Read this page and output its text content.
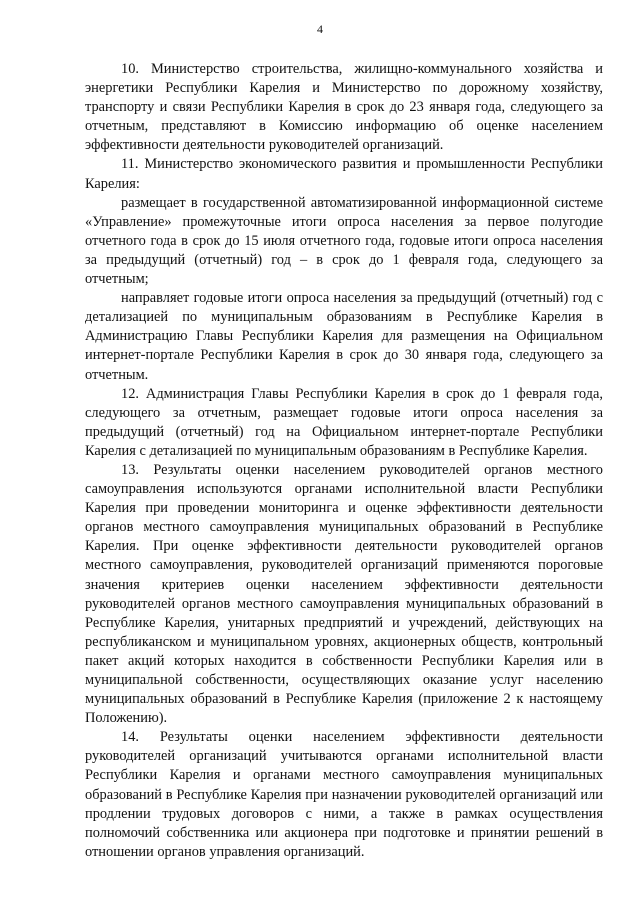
4

10. Министерство строительства, жилищно-коммунального хозяйства и энергетики Республики Карелия и Министерство по дорожному хозяйству, транспорту и связи Республики Карелия в срок до 23 января года, следующего за отчетным, представляют в Комиссию информацию об оценке населением эффективности деятельности руководителей организаций.

11. Министерство экономического развития и промышленности Республики Карелия:

размещает в государственной автоматизированной информационной системе «Управление» промежуточные итоги опроса населения за первое полугодие отчетного года в срок до 15 июля отчетного года, годовые итоги опроса населения за предыдущий (отчетный) год – в срок до 1 февраля года, следующего за отчетным;

направляет годовые итоги опроса населения за предыдущий (отчетный) год с детализацией по муниципальным образованиям в Республике Карелия в Администрацию Главы Республики Карелия для размещения на Официальном интернет-портале Республики Карелия в срок до 30 января года, следующего за отчетным.

12. Администрация Главы Республики Карелия в срок до 1 февраля года, следующего за отчетным, размещает годовые итоги опроса населения за предыдущий (отчетный) год на Официальном интернет-портале Республики Карелия с детализацией по муниципальным образованиям в Республике Карелия.

13. Результаты оценки населением руководителей органов местного самоуправления используются органами исполнительной власти Республики Карелия при проведении мониторинга и оценке эффективности деятельности органов местного самоуправления муниципальных образований в Республике Карелия. При оценке эффективности деятельности руководителей органов местного самоуправления, руководителей организаций применяются пороговые значения критериев оценки населением эффективности деятельности руководителей органов местного самоуправления муниципальных образований в Республике Карелия, унитарных предприятий и учреждений, действующих на республиканском и муниципальном уровнях, акционерных обществ, контрольный пакет акций которых находится в собственности Республики Карелия или в муниципальной собственности, осуществляющих оказание услуг населению муниципальных образований в Республике Карелия (приложение 2 к настоящему Положению).

14. Результаты оценки населением эффективности деятельности руководителей организаций учитываются органами исполнительной власти Республики Карелия и органами местного самоуправления муниципальных образований в Республике Карелия при назначении руководителей организаций или продлении трудовых договоров с ними, а также в рамках осуществления полномочий собственника или акционера при подготовке и принятии решений в отношении органов управления организаций.
